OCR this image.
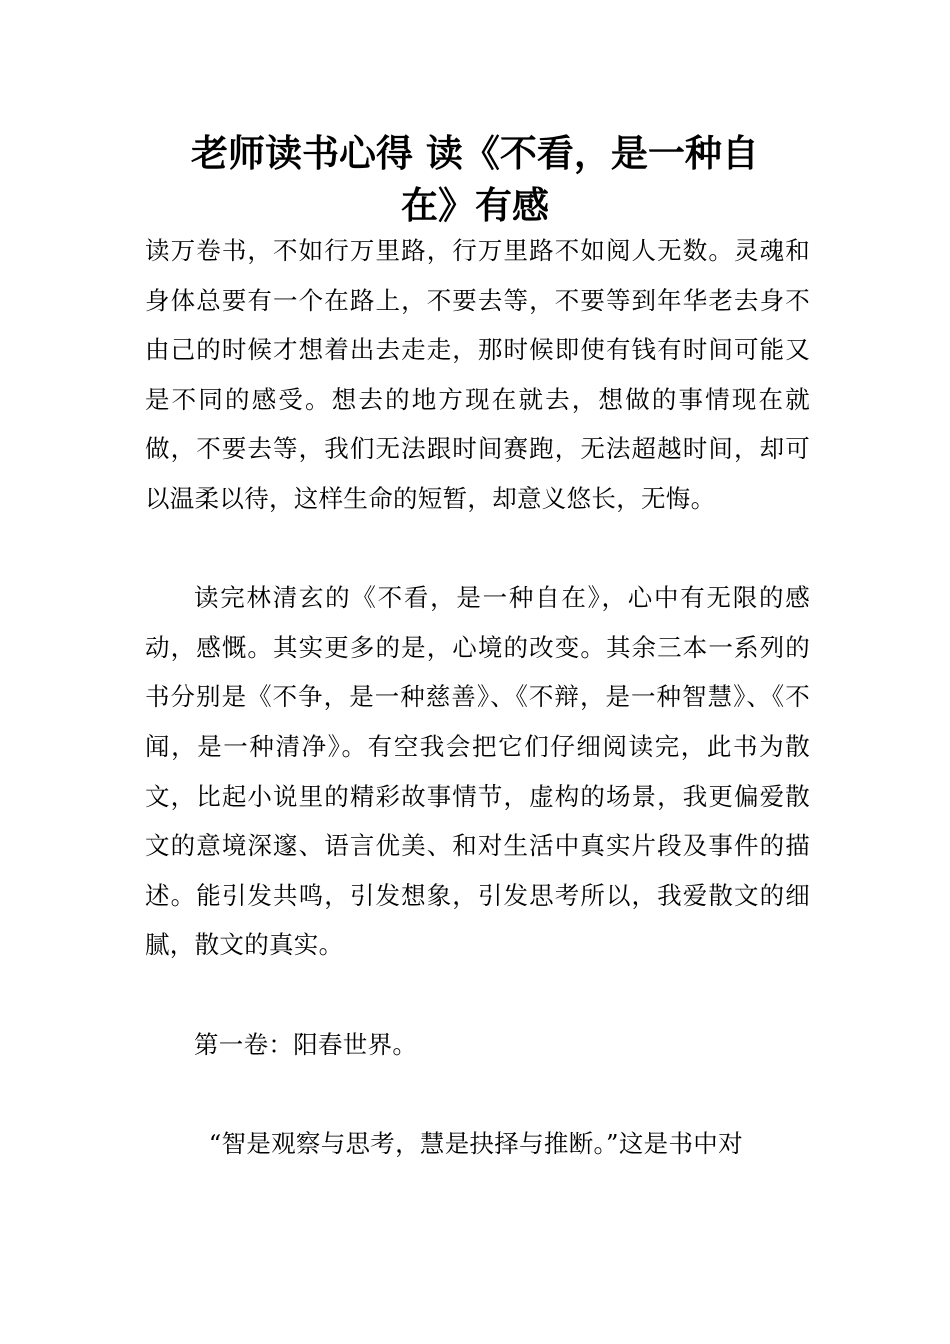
老师读书心得 读《不看，是一种自
在》有感

读万卷书，不如行万里路，行万里路不如阅人无数。灵魂和身体总要有一个在路上，不要去等，不要等到年华老去身不由己的时候才想着出去走走，那时候即使有钱有时间可能又是不同的感受。想去的地方现在就去，想做的事情现在就做，不要去等，我们无法跟时间赛跑，无法超越时间，却可以温柔以待，这样生命的短暂，却意义悠长，无悔。

读完林清玄的《不看，是一种自在》，心中有无限的感动，感慨。其实更多的是，心境的改变。其余三本一系列的书分别是《不争，是一种慈善》、《不辩，是一种智慧》、《不闻，是一种清净》。有空我会把它们仔细阅读完，此书为散文，比起小说里的精彩故事情节，虚构的场景，我更偏爱散文的意境深邃、语言优美、和对生活中真实片段及事件的描述。能引发共鸣，引发想象，引发思考所以，我爱散文的细腻，散文的真实。

第一卷：阳春世界。

“智是观察与思考，慧是抉择与推断。”这是书中对
